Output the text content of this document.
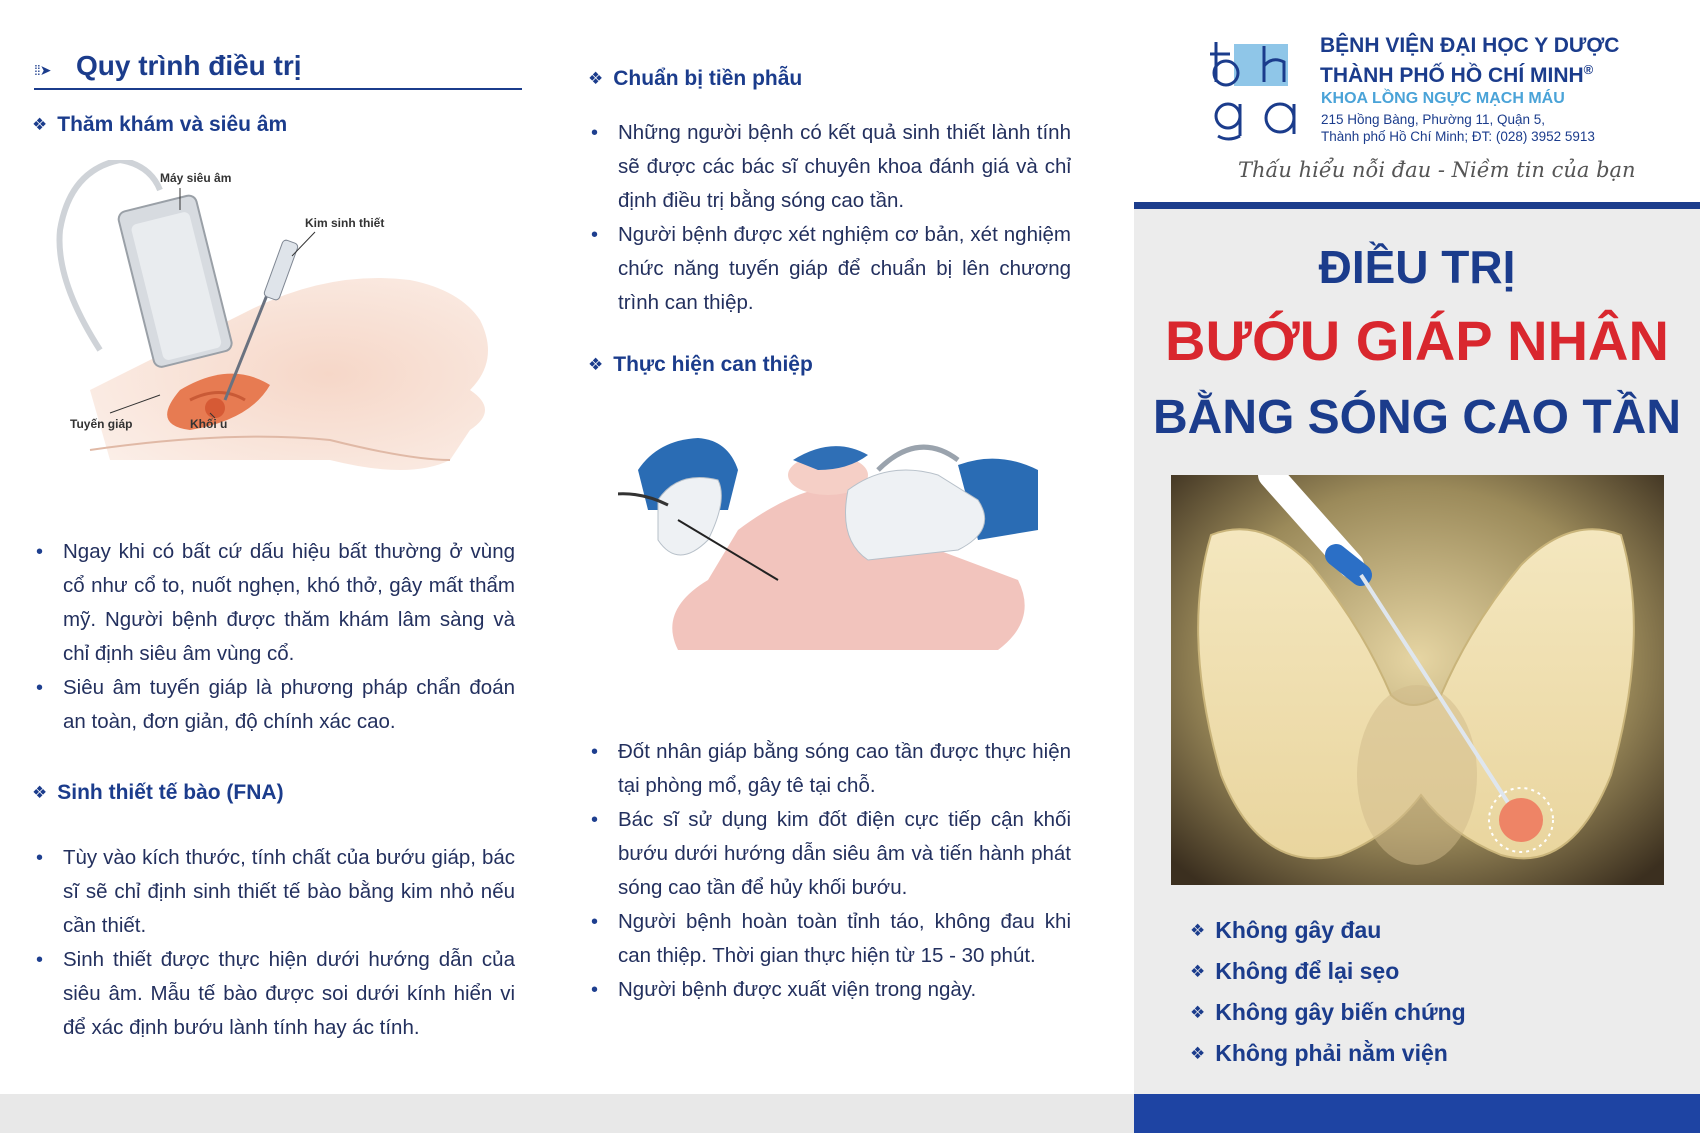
⁞⁞➤ Quy trình điều trị
❖ Thăm khám và siêu âm
Máy siêu âm
Kim sinh thiết
Tuyến giáp	Khối u
• Ngay khi có bất cứ dấu hiệu bất thường ở vùng cổ như cổ to, nuốt nghẹn, khó thở, gây mất thẩm mỹ. Người bệnh được thăm khám lâm sàng và chỉ định siêu âm vùng cổ.
• Siêu âm tuyến giáp là phương pháp chẩn đoán an toàn, đơn giản, độ chính xác cao.
❖ Sinh thiết tế bào (FNA)
• Tùy vào kích thước, tính chất của bướu giáp, bác sĩ sẽ chỉ định sinh thiết tế bào bằng kim nhỏ nếu cần thiết.
• Sinh thiết được thực hiện dưới hướng dẫn của siêu âm. Mẫu tế bào được soi dưới kính hiển vi để xác định bướu lành tính hay ác tính.
❖ Chuẩn bị tiền phẫu
• Những người bệnh có kết quả sinh thiết lành tính sẽ được các bác sĩ chuyên khoa đánh giá và chỉ định điều trị bằng sóng cao tần.
• Người bệnh được xét nghiệm cơ bản, xét nghiệm chức năng tuyến giáp để chuẩn bị lên chương trình can thiệp.
❖ Thực hiện can thiệp
• Đốt nhân giáp bằng sóng cao tần được thực hiện tại phòng mổ, gây tê tại chỗ.
• Bác sĩ sử dụng kim đốt điện cực tiếp cận khối bướu dưới hướng dẫn siêu âm và tiến hành phát sóng cao tần để hủy khối bướu.
• Người bệnh hoàn toàn tỉnh táo, không đau khi can thiệp. Thời gian thực hiện từ 15 - 30 phút.
• Người bệnh được xuất viện trong ngày.
BỆNH VIỆN ĐẠI HỌC Y DƯỢC
THÀNH PHỐ HỒ CHÍ MINH®
KHOA LỒNG NGỰC MẠCH MÁU
215 Hồng Bàng, Phường 11, Quận 5,
Thành phố Hồ Chí Minh; ĐT: (028) 3952 5913
Thấu hiểu nỗi đau - Niềm tin của bạn
ĐIỀU TRỊ
BƯỚU GIÁP NHÂN
BẰNG SÓNG CAO TẦN
❖ Không gây đau
❖ Không để lại sẹo
❖ Không gây biến chứng
❖ Không phải nằm viện
